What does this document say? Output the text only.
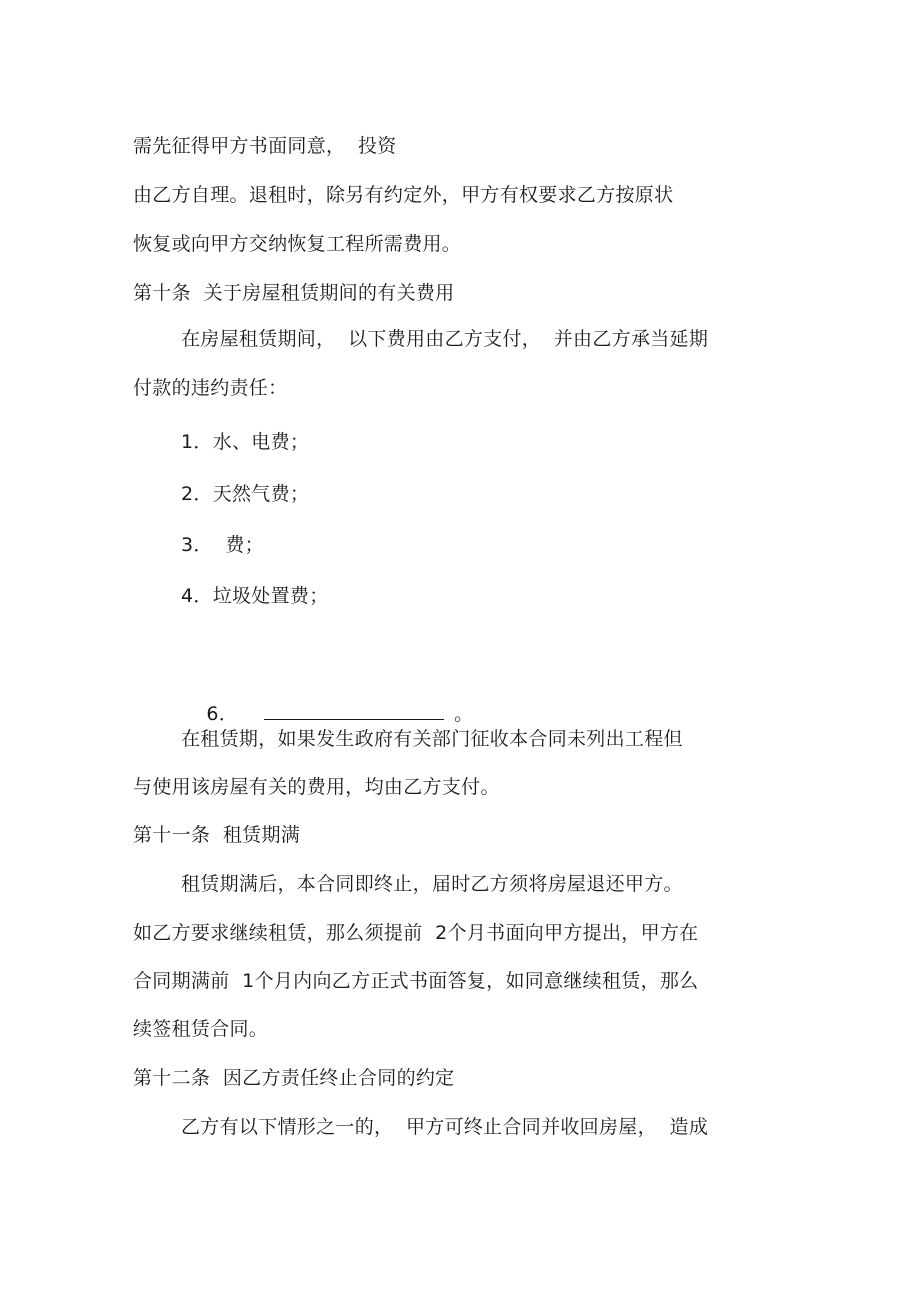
需先征得甲方书面同意，  投资
由乙方自理。退租时，除另有约定外，甲方有权要求乙方按原状
恢复或向甲方交纳恢复工程所需费用。
第十条  关于房屋租赁期间的有关费用
在房屋租赁期间，  以下费用由乙方支付，  并由乙方承当延期
付款的违约责任：
1．水、电费；
2．天然气费；
3．  费；
4．垃圾处置费；

6．	。

在租赁期，如果发生政府有关部门征收本合同未列出工程但
与使用该房屋有关的费用，均由乙方支付。
第十一条  租赁期满
租赁期满后，本合同即终止，届时乙方须将房屋退还甲方。
如乙方要求继续租赁，那么须提前  2个月书面向甲方提出，甲方在
合同期满前  1个月内向乙方正式书面答复，如同意继续租赁，那么
续签租赁合同。
第十二条  因乙方责任终止合同的约定
乙方有以下情形之一的，  甲方可终止合同并收回房屋，  造成
